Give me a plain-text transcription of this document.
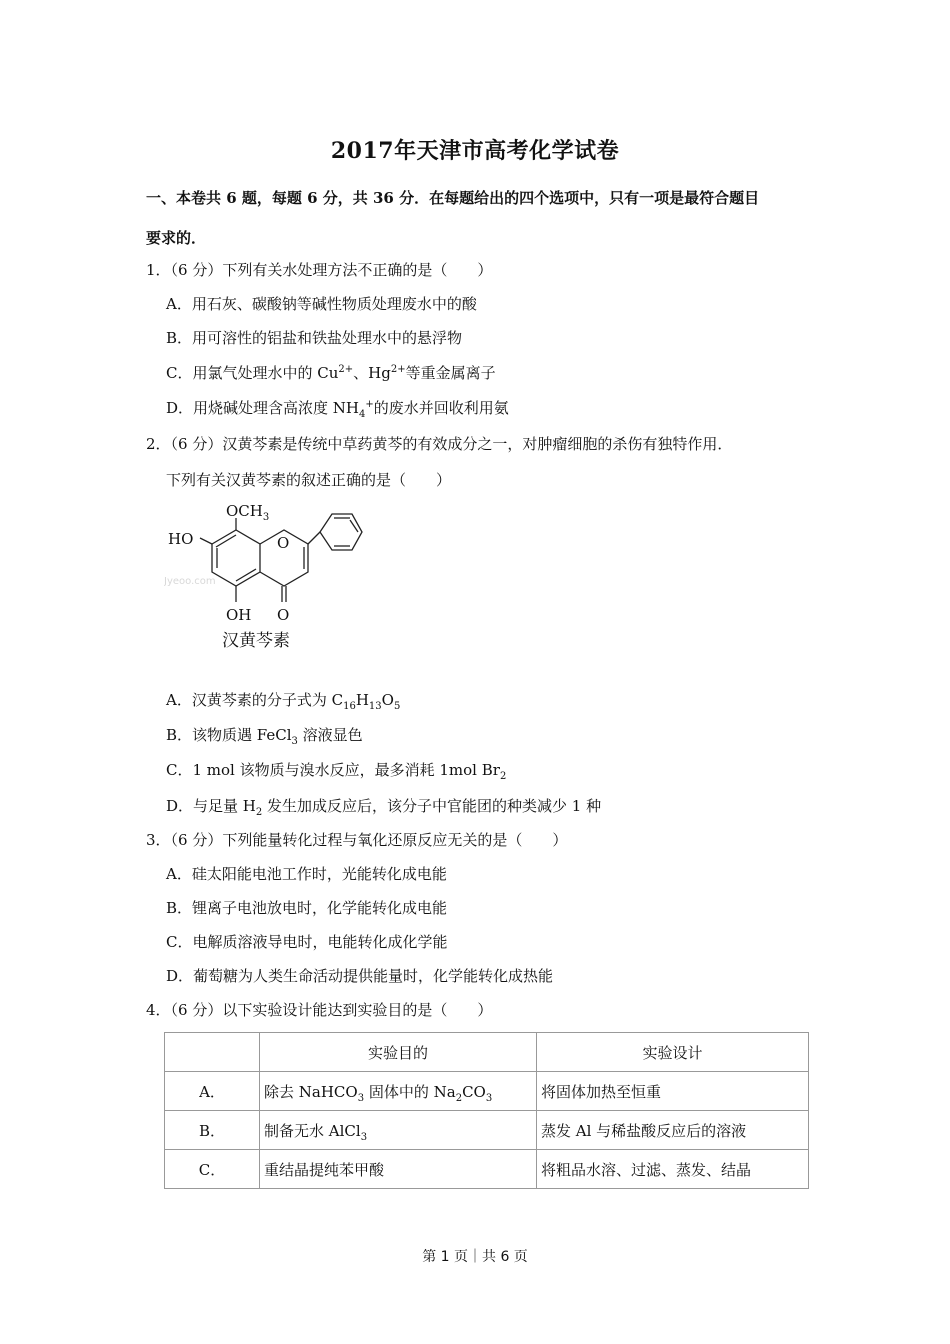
2017年天津市高考化学试卷
一、本卷共 6 题，每题 6 分，共 36 分．在每题给出的四个选项中，只有一项是最符合题目
要求的．
1．（6 分）下列有关水处理方法不正确的是（　　）
A．用石灰、碳酸钠等碱性物质处理废水中的酸
B．用可溶性的铝盐和铁盐处理水中的悬浮物
C．用氯气处理水中的 $Cu^{2+}$、$Hg^{2+}$等重金属离子
D．用烧碱处理含高浓度 $NH_4^+$的废水并回收利用氨
2．（6 分）汉黄芩素是传统中草药黄芩的有效成分之一，对肿瘤细胞的杀伤有独特作用．
下列有关汉黄芩素的叙述正确的是（　　）
$OCH_3$
HO	O
OH O
Jyeoo.com
汉黄芩素
A．汉黄芩素的分子式为 $C_{16}H_{13}O_5$
B．该物质遇 FeCl$_3$ 溶液显色
C．1 mol 该物质与溴水反应，最多消耗 1mol $Br_2$
D．与足量 $H_2$ 发生加成反应后，该分子中官能团的种类减少 1 种
3．（6 分）下列能量转化过程与氧化还原反应无关的是（　　）
A．硅太阳能电池工作时，光能转化成电能
B．锂离子电池放电时，化学能转化成电能
C．电解质溶液导电时，电能转化成化学能
D．葡萄糖为人类生命活动提供能量时，化学能转化成热能
4．（6 分）以下实验设计能达到实验目的是（　　）
	实验目的	实验设计
A．	除去 NaHCO$_3$ 固体中的 $Na_2CO_3$	将固体加热至恒重
B．	制备无水 AlCl$_3$	蒸发 Al 与稀盐酸反应后的溶液
C．	重结晶提纯苯甲酸	将粗品水溶、过滤、蒸发、结晶
第 1 页｜共 6 页
